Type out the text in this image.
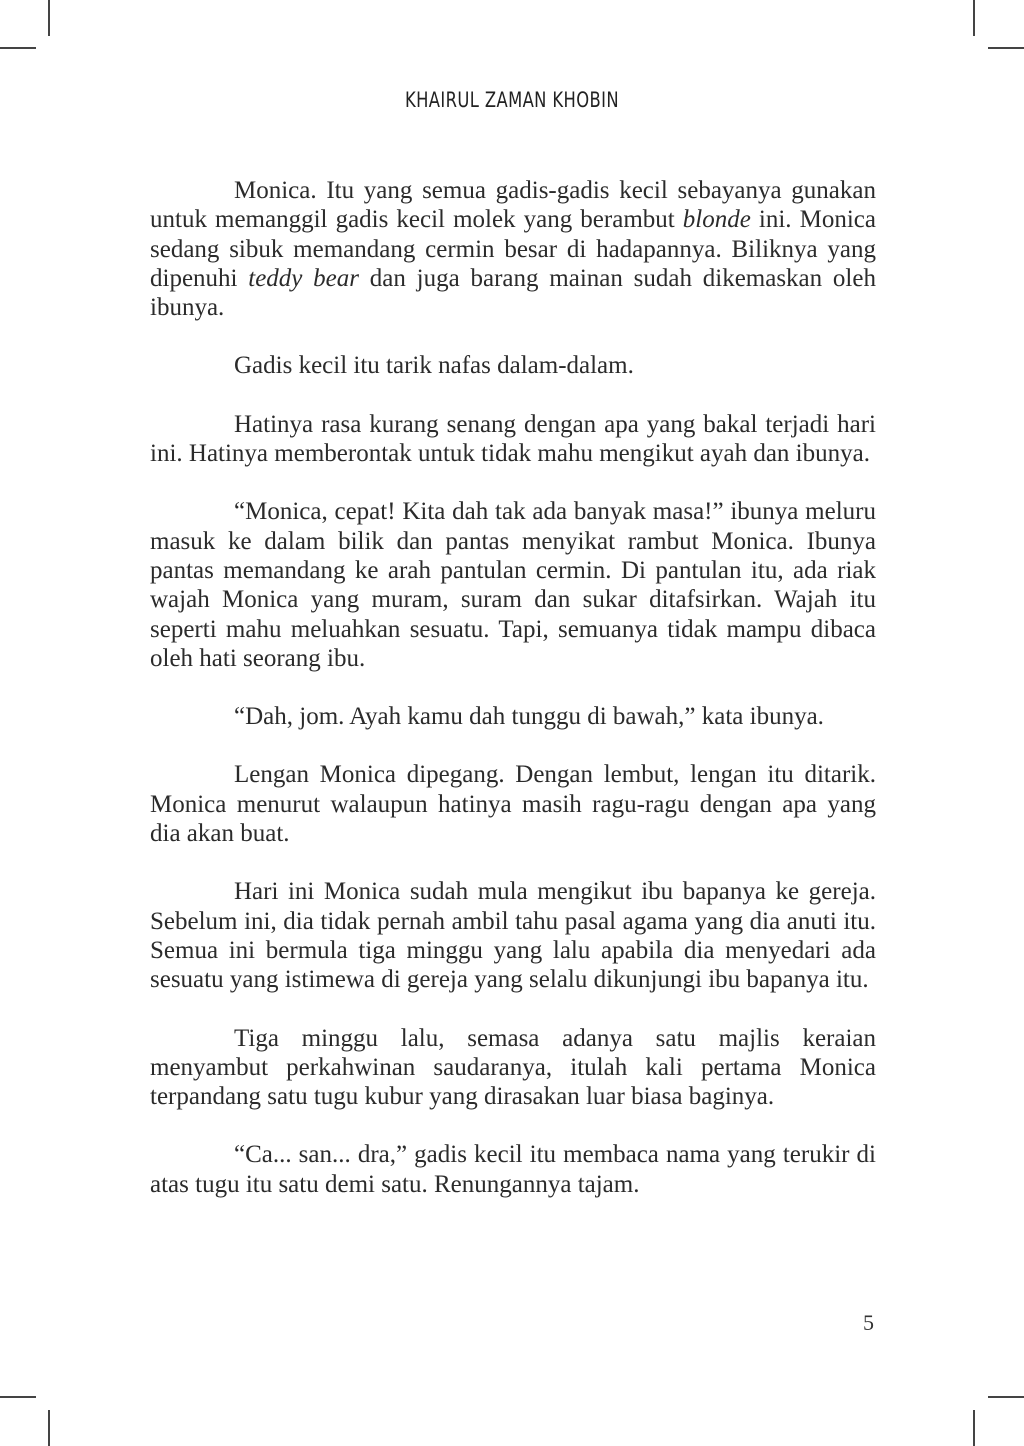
KHAIRUL ZAMAN KHOBIN

Monica. Itu yang semua gadis-gadis kecil sebayanya gunakan untuk memanggil gadis kecil molek yang berambut blonde ini. Monica sedang sibuk memandang cermin besar di hadapannya. Biliknya yang dipenuhi teddy bear dan juga barang mainan sudah dikemaskan oleh ibunya.

Gadis kecil itu tarik nafas dalam-dalam.

Hatinya rasa kurang senang dengan apa yang bakal terjadi hari ini. Hatinya memberontak untuk tidak mahu mengikut ayah dan ibunya.

“Monica, cepat! Kita dah tak ada banyak masa!” ibunya meluru masuk ke dalam bilik dan pantas menyikat rambut Monica. Ibunya pantas memandang ke arah pantulan cermin. Di pantulan itu, ada riak wajah Monica yang muram, suram dan sukar ditafsirkan. Wajah itu seperti mahu meluahkan sesuatu. Tapi, semuanya tidak mampu dibaca oleh hati seorang ibu.

“Dah, jom. Ayah kamu dah tunggu di bawah,” kata ibunya.

Lengan Monica dipegang. Dengan lembut, lengan itu ditarik. Monica menurut walaupun hatinya masih ragu-ragu dengan apa yang dia akan buat.

Hari ini Monica sudah mula mengikut ibu bapanya ke gereja. Sebelum ini, dia tidak pernah ambil tahu pasal agama yang dia anuti itu. Semua ini bermula tiga minggu yang lalu apabila dia menyedari ada sesuatu yang istimewa di gereja yang selalu dikunjungi ibu bapanya itu.

Tiga minggu lalu, semasa adanya satu majlis keraian menyambut perkahwinan saudaranya, itulah kali pertama Monica terpandang satu tugu kubur yang dirasakan luar biasa baginya.

“Ca... san... dra,” gadis kecil itu membaca nama yang terukir di atas tugu itu satu demi satu. Renungannya tajam.

5
